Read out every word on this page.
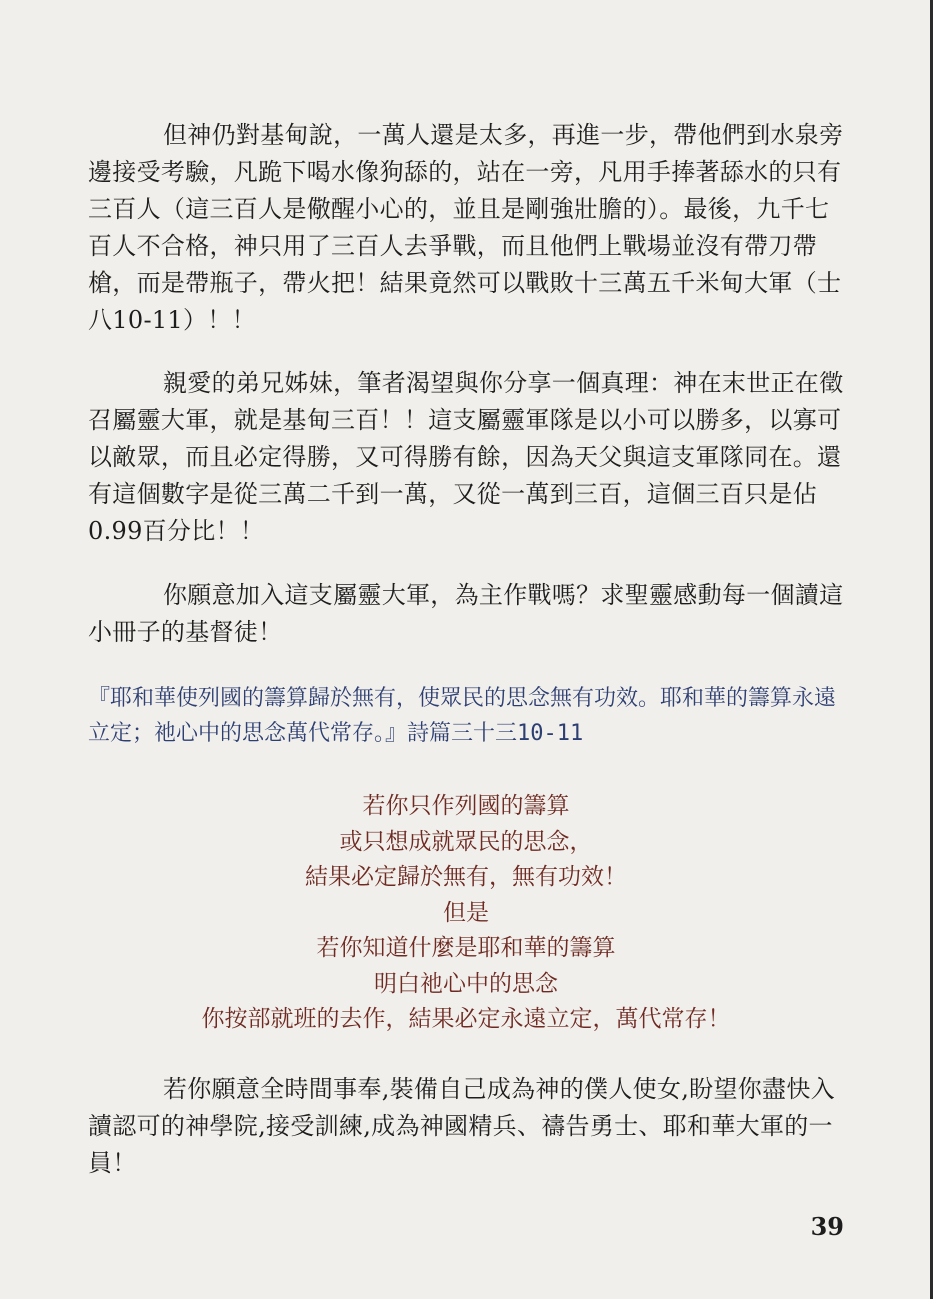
但神仍對基甸說，一萬人還是太多，再進一步，帶他們到水泉旁邊接受考驗，凡跪下喝水像狗舔的，站在一旁，凡用手捧著舔水的只有三百人（這三百人是儆醒小心的，並且是剛強壯膽的）。最後，九千七百人不合格，神只用了三百人去爭戰，而且他們上戰場並沒有帶刀帶槍，而是帶瓶子，帶火把！結果竟然可以戰敗十三萬五千米甸大軍（士八10-11）！！

親愛的弟兄姊妹，筆者渴望與你分享一個真理：神在末世正在徵召屬靈大軍，就是基甸三百！！這支屬靈軍隊是以小可以勝多，以寡可以敵眾，而且必定得勝，又可得勝有餘，因為天父與這支軍隊同在。還有這個數字是從三萬二千到一萬，又從一萬到三百，這個三百只是佔0.99百分比！！

你願意加入這支屬靈大軍，為主作戰嗎？求聖靈感動每一個讀這小冊子的基督徒！

『耶和華使列國的籌算歸於無有，使眾民的思念無有功效。耶和華的籌算永遠立定；祂心中的思念萬代常存。』詩篇三十三10-11

若你只作列國的籌算
或只想成就眾民的思念，
結果必定歸於無有，無有功效！
但是
若你知道什麼是耶和華的籌算
明白祂心中的思念
你按部就班的去作，結果必定永遠立定，萬代常存！

若你願意全時間事奉,裝備自己成為神的僕人使女,盼望你盡快入讀認可的神學院,接受訓練,成為神國精兵、禱告勇士、耶和華大軍的一員！

39
